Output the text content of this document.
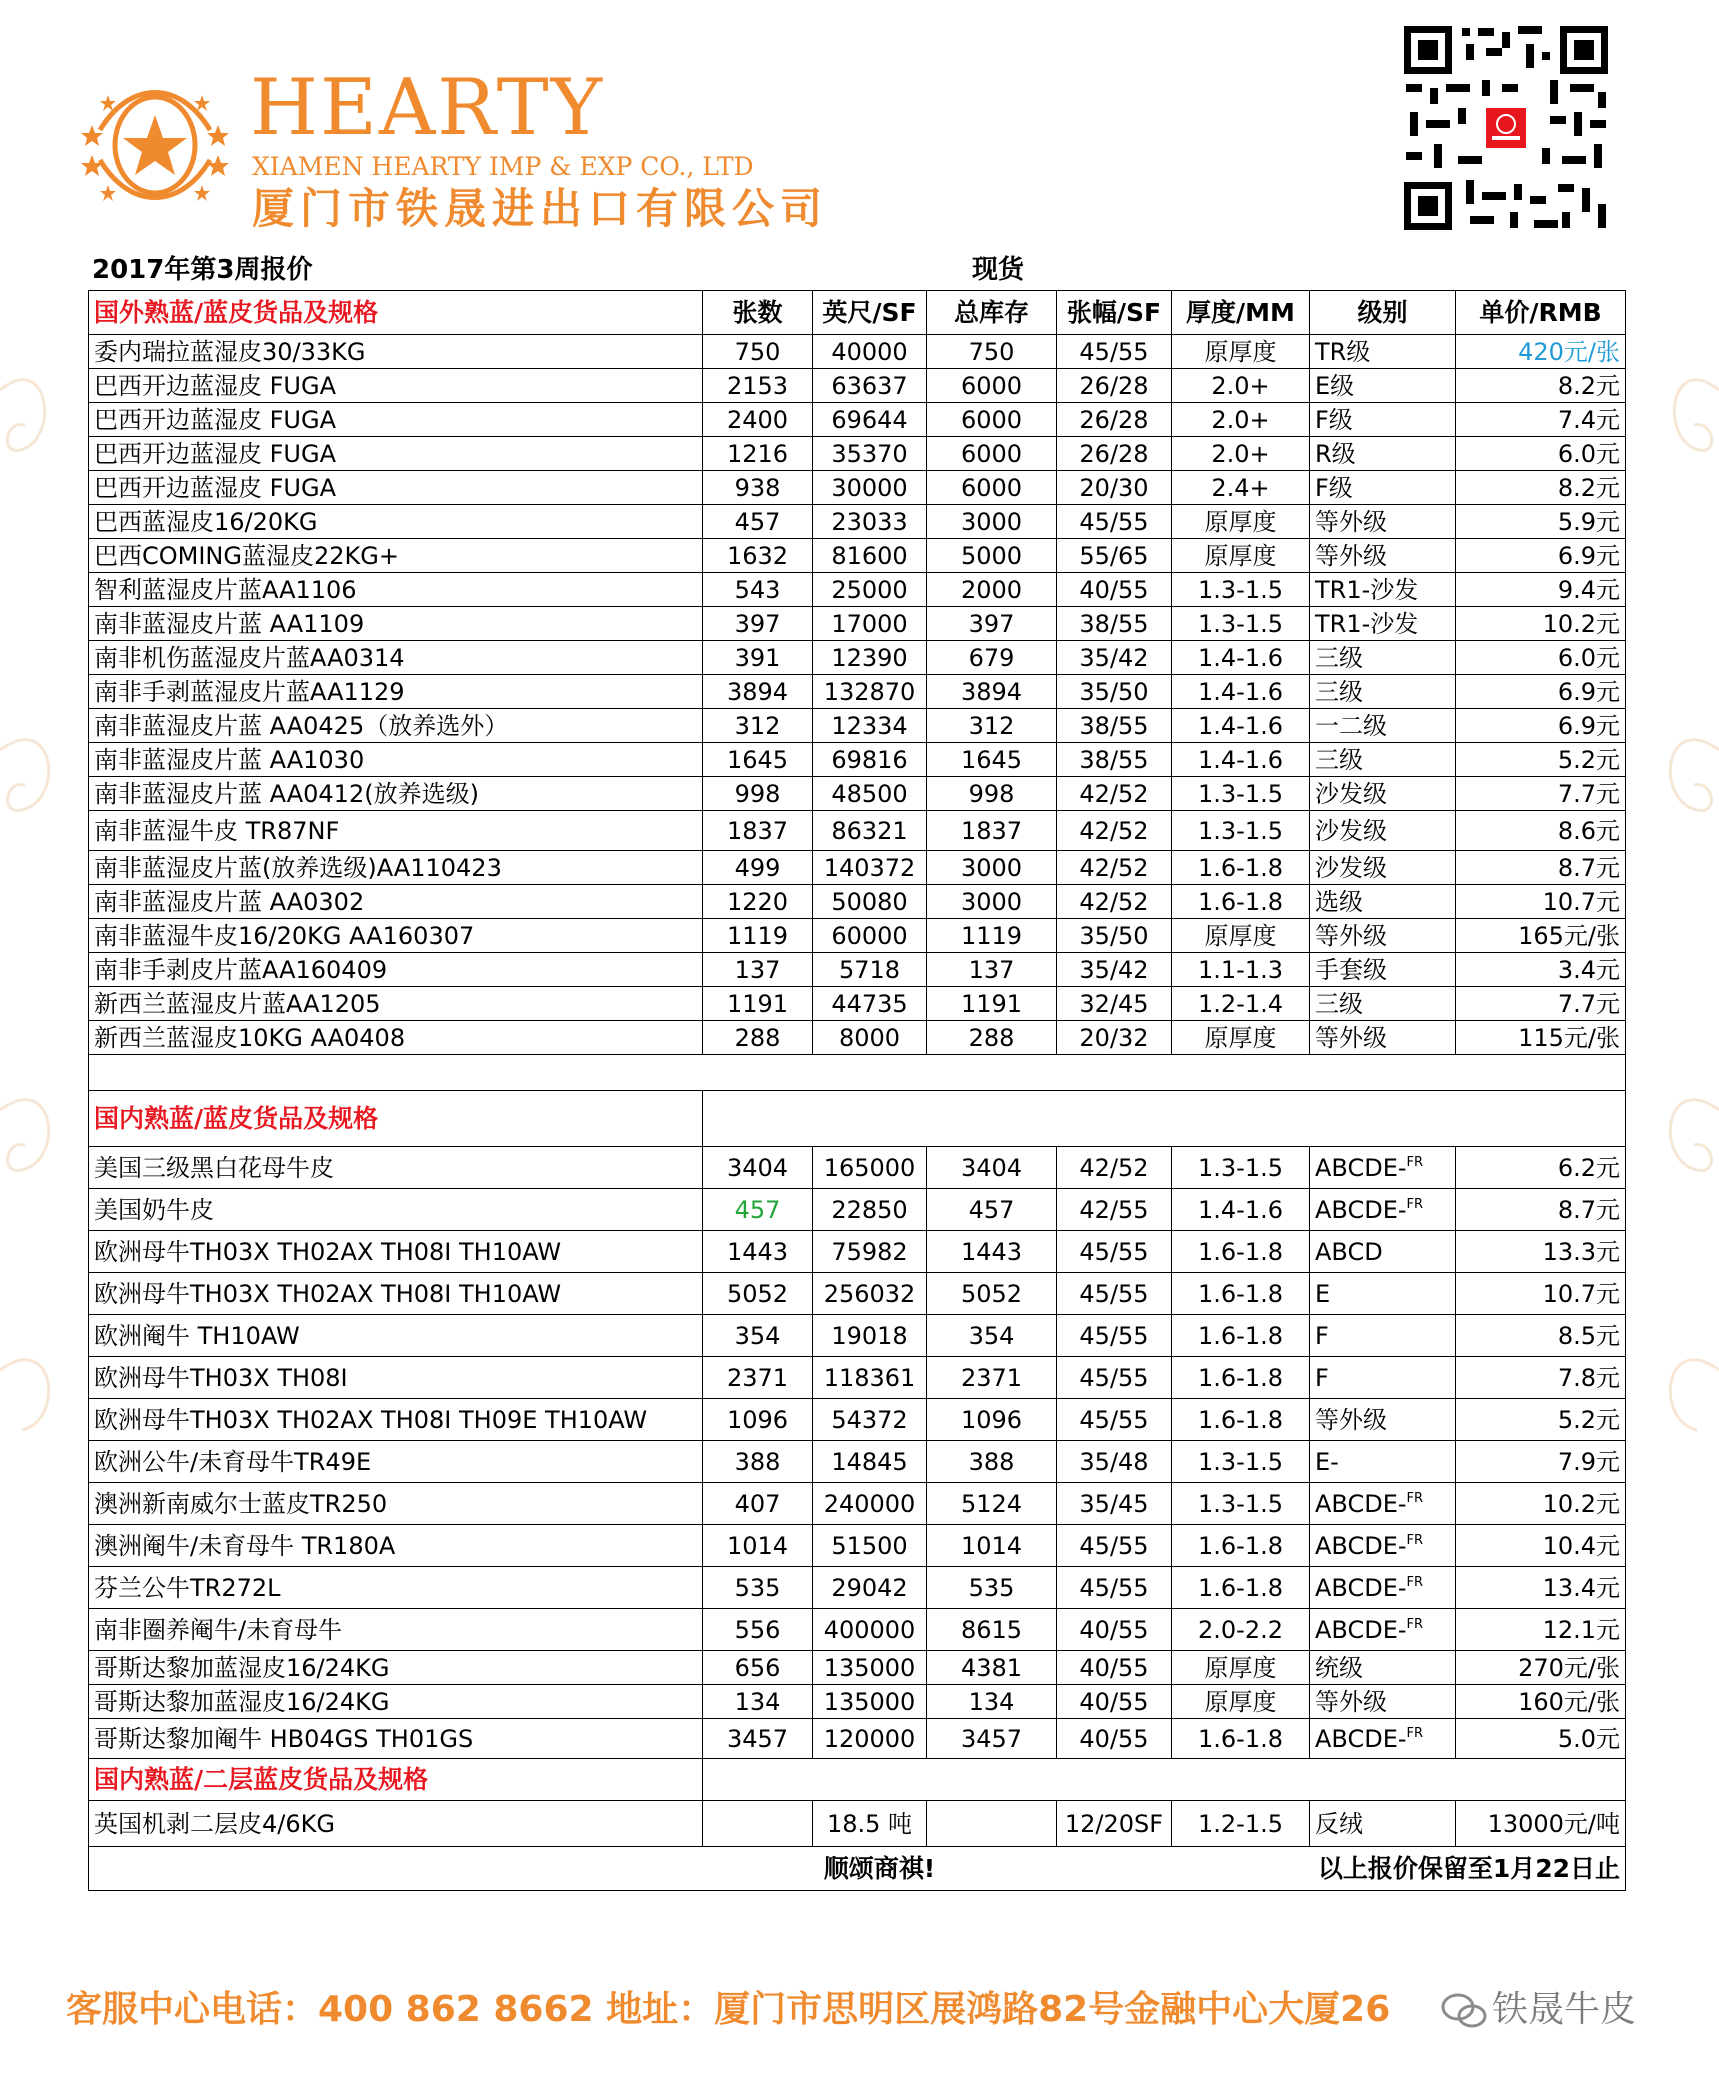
HEARTY
XIAMEN HEARTY IMP & EXP CO., LTD
厦门市铁晟进出口有限公司
2017年第3周报价	现货
国外熟蓝/蓝皮货品及规格	张数	英尺/SF	总库存	张幅/SF	厚度/MM	级别	单价/RMB
委内瑞拉蓝湿皮30/33KG	750	40000	750	45/55	原厚度	TR级	420元/张
巴西开边蓝湿皮 FUGA	2153	63637	6000	26/28	2.0+	E级	8.2元
巴西开边蓝湿皮 FUGA	2400	69644	6000	26/28	2.0+	F级	7.4元
巴西开边蓝湿皮 FUGA	1216	35370	6000	26/28	2.0+	R级	6.0元
巴西开边蓝湿皮 FUGA	938	30000	6000	20/30	2.4+	F级	8.2元
巴西蓝湿皮16/20KG	457	23033	3000	45/55	原厚度	等外级	5.9元
巴西COMING蓝湿皮22KG+	1632	81600	5000	55/65	原厚度	等外级	6.9元
智利蓝湿皮片蓝AA1106	543	25000	2000	40/55	1.3-1.5	TR1-沙发	9.4元
南非蓝湿皮片蓝 AA1109	397	17000	397	38/55	1.3-1.5	TR1-沙发	10.2元
南非机伤蓝湿皮片蓝AA0314	391	12390	679	35/42	1.4-1.6	三级	6.0元
南非手剥蓝湿皮片蓝AA1129	3894	132870	3894	35/50	1.4-1.6	三级	6.9元
南非蓝湿皮片蓝 AA0425（放养选外）	312	12334	312	38/55	1.4-1.6	一二级	6.9元
南非蓝湿皮片蓝 AA1030	1645	69816	1645	38/55	1.4-1.6	三级	5.2元
南非蓝湿皮片蓝 AA0412(放养选级)	998	48500	998	42/52	1.3-1.5	沙发级	7.7元
南非蓝湿牛皮 TR87NF	1837	86321	1837	42/52	1.3-1.5	沙发级	8.6元
南非蓝湿皮片蓝(放养选级)AA110423	499	140372	3000	42/52	1.6-1.8	沙发级	8.7元
南非蓝湿皮片蓝 AA0302	1220	50080	3000	42/52	1.6-1.8	选级	10.7元
南非蓝湿牛皮16/20KG AA160307	1119	60000	1119	35/50	原厚度	等外级	165元/张
南非手剥皮片蓝AA160409	137	5718	137	35/42	1.1-1.3	手套级	3.4元
新西兰蓝湿皮片蓝AA1205	1191	44735	1191	32/45	1.2-1.4	三级	7.7元
新西兰蓝湿皮10KG AA0408	288	8000	288	20/32	原厚度	等外级	115元/张

国内熟蓝/蓝皮货品及规格							
美国三级黑白花母牛皮	3404	165000	3404	42/52	1.3-1.5	ABCDE-$^{FR}$	6.2元
美国奶牛皮	457	22850	457	42/55	1.4-1.6	ABCDE-$^{FR}$	8.7元
欧洲母牛TH03X TH02AX TH08I TH10AW	1443	75982	1443	45/55	1.6-1.8	ABCD	13.3元
欧洲母牛TH03X TH02AX TH08I TH10AW	5052	256032	5052	45/55	1.6-1.8	E	10.7元
欧洲阉牛 TH10AW	354	19018	354	45/55	1.6-1.8	F	8.5元
欧洲母牛TH03X TH08I	2371	118361	2371	45/55	1.6-1.8	F	7.8元
欧洲母牛TH03X TH02AX TH08I TH09E TH10AW	1096	54372	1096	45/55	1.6-1.8	等外级	5.2元
欧洲公牛/未育母牛TR49E	388	14845	388	35/48	1.3-1.5	E-	7.9元
澳洲新南威尔士蓝皮TR250	407	240000	5124	35/45	1.3-1.5	ABCDE-$^{FR}$	10.2元
澳洲阉牛/未育母牛 TR180A	1014	51500	1014	45/55	1.6-1.8	ABCDE-$^{FR}$	10.4元
芬兰公牛TR272L	535	29042	535	45/55	1.6-1.8	ABCDE-$^{FR}$	13.4元
南非圈养阉牛/未育母牛	556	400000	8615	40/55	2.0-2.2	ABCDE-$^{FR}$	12.1元
哥斯达黎加蓝湿皮16/24KG	656	135000	4381	40/55	原厚度	统级	270元/张
哥斯达黎加蓝湿皮16/24KG	134	135000	134	40/55	原厚度	等外级	160元/张
哥斯达黎加阉牛 HB04GS TH01GS	3457	120000	3457	40/55	1.6-1.8	ABCDE-$^{FR}$	5.0元
国内熟蓝/二层蓝皮货品及规格							
英国机剥二层皮4/6KG		18.5 吨		12/20SF	1.2-1.5	反绒	13000元/吨
	顺颂商祺!			以上报价保留至1月22日止			
客服中心电话：400 862 8662 地址：厦门市思明区展鸿路82号金融中心大厦26	铁晟牛皮
